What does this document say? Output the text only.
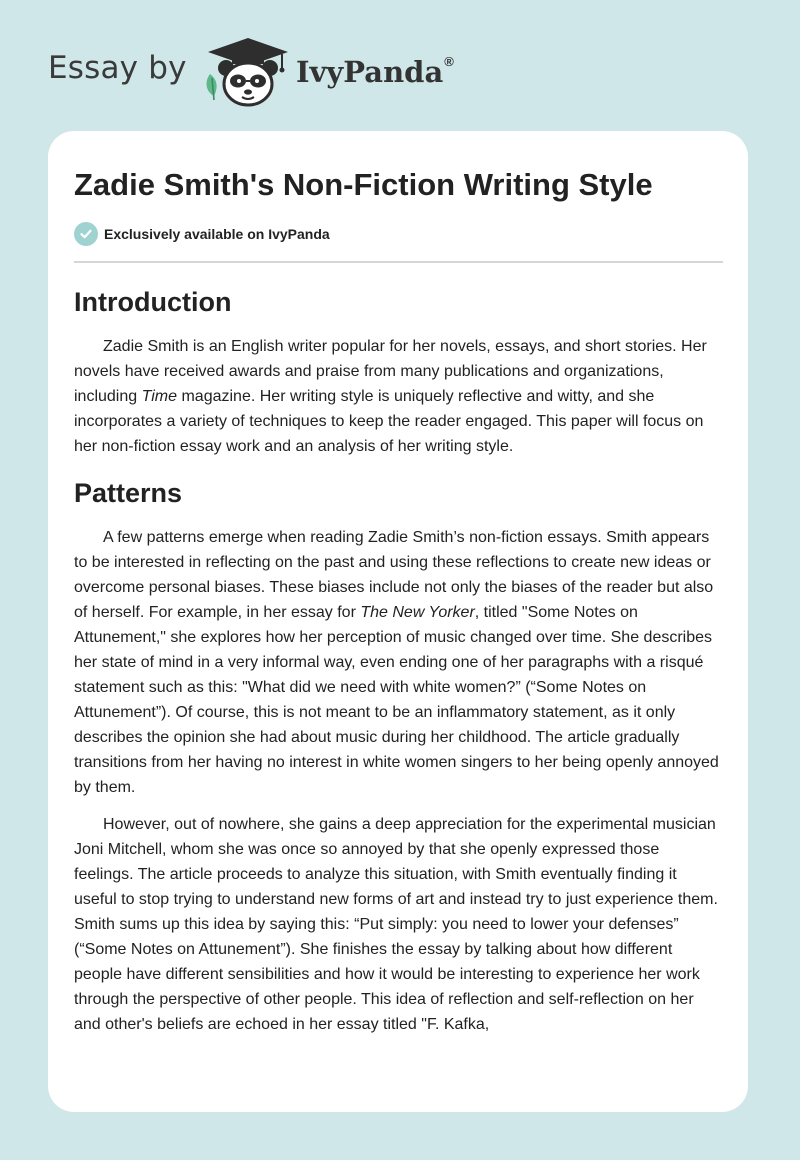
Essay by	IvyPanda®
Zadie Smith's Non-Fiction Writing Style
Exclusively available on IvyPanda
Introduction

Zadie Smith is an English writer popular for her novels, essays, and short stories. Her novels have received awards and praise from many publications and organizations, including Time magazine. Her writing style is uniquely reflective and witty, and she incorporates a variety of techniques to keep the reader engaged. This paper will focus on her non-fiction essay work and an analysis of her writing style.

Patterns

A few patterns emerge when reading Zadie Smith’s non-fiction essays. Smith appears to be interested in reflecting on the past and using these reflections to create new ideas or overcome personal biases. These biases include not only the biases of the reader but also of herself. For example, in her essay for The New Yorker, titled "Some Notes on Attunement," she explores how her perception of music changed over time. She describes her state of mind in a very informal way, even ending one of her paragraphs with a risqué statement such as this: "What did we need with white women?” (“Some Notes on Attunement”). Of course, this is not meant to be an inflammatory statement, as it only describes the opinion she had about music during her childhood. The article gradually transitions from her having no interest in white women singers to her being openly annoyed by them.

However, out of nowhere, she gains a deep appreciation for the experimental musician Joni Mitchell, whom she was once so annoyed by that she openly expressed those feelings. The article proceeds to analyze this situation, with Smith eventually finding it useful to stop trying to understand new forms of art and instead try to just experience them. Smith sums up this idea by saying this: “Put simply: you need to lower your defenses” (“Some Notes on Attunement”). She finishes the essay by talking about how different people have different sensibilities and how it would be interesting to experience her work through the perspective of other people. This idea of reflection and self-reflection on her and other's beliefs are echoed in her essay titled "F. Kafka,
